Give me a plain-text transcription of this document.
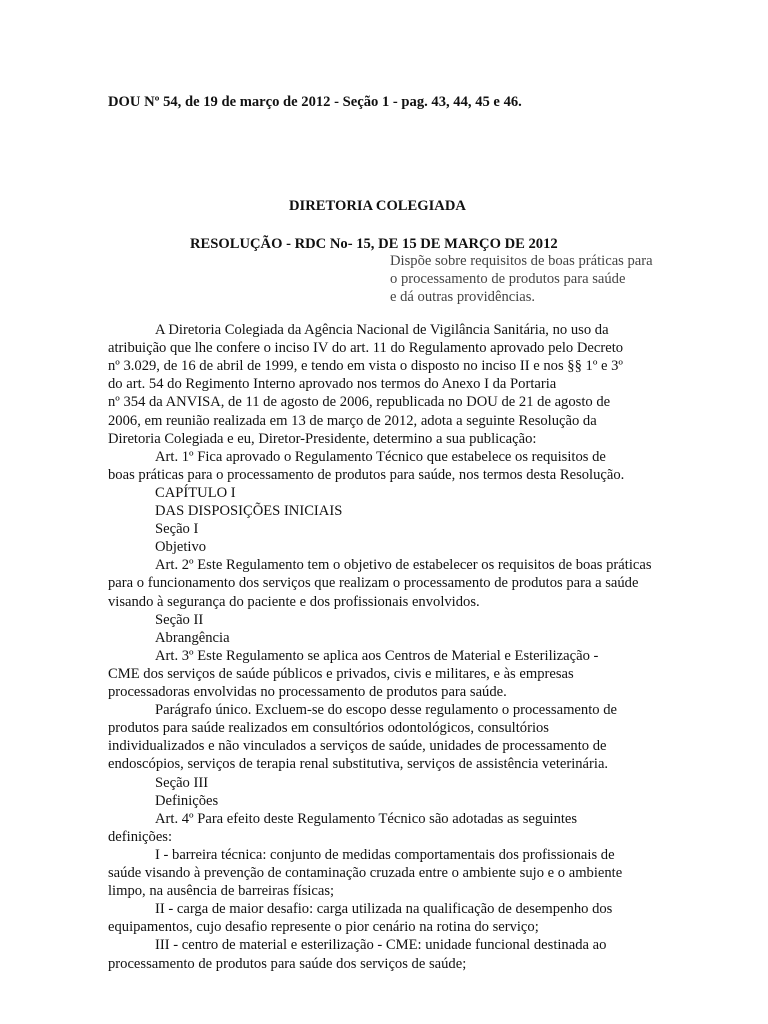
DOU Nº 54, de 19 de março de 2012 - Seção 1 - pag. 43, 44, 45 e 46.
DIRETORIA COLEGIADA
RESOLUÇÃO - RDC No- 15, DE 15 DE MARÇO DE 2012
Dispõe sobre requisitos de boas práticas para
o processamento de produtos para saúde
e dá outras providências.
A Diretoria Colegiada da Agência Nacional de Vigilância Sanitária, no uso da
atribuição que lhe confere o inciso IV do art. 11 do Regulamento aprovado pelo Decreto
nº 3.029, de 16 de abril de 1999, e tendo em vista o disposto no inciso II e nos §§ 1º e 3º
do art. 54 do Regimento Interno aprovado nos termos do Anexo I da Portaria
nº 354 da ANVISA, de 11 de agosto de 2006, republicada no DOU de 21 de agosto de
2006, em reunião realizada em 13 de março de 2012, adota a seguinte Resolução da
Diretoria Colegiada e eu, Diretor-Presidente, determino a sua publicação:
Art. 1º Fica aprovado o Regulamento Técnico que estabelece os requisitos de
boas práticas para o processamento de produtos para saúde, nos termos desta Resolução.
CAPÍTULO I
DAS DISPOSIÇÕES INICIAIS
Seção I
Objetivo
Art. 2º Este Regulamento tem o objetivo de estabelecer os requisitos de boas práticas
para o funcionamento dos serviços que realizam o processamento de produtos para a saúde
visando à segurança do paciente e dos profissionais envolvidos.
Seção II
Abrangência
Art. 3º Este Regulamento se aplica aos Centros de Material e Esterilização -
CME dos serviços de saúde públicos e privados, civis e militares, e às empresas
processadoras envolvidas no processamento de produtos para saúde.
Parágrafo único. Excluem-se do escopo desse regulamento o processamento de
produtos para saúde realizados em consultórios odontológicos, consultórios
individualizados e não vinculados a serviços de saúde, unidades de processamento de
endoscópios, serviços de terapia renal substitutiva, serviços de assistência veterinária.
Seção III
Definições
Art. 4º Para efeito deste Regulamento Técnico são adotadas as seguintes
definições:
I - barreira técnica: conjunto de medidas comportamentais dos profissionais de
saúde visando à prevenção de contaminação cruzada entre o ambiente sujo e o ambiente
limpo, na ausência de barreiras físicas;
II - carga de maior desafio: carga utilizada na qualificação de desempenho dos
equipamentos, cujo desafio represente o pior cenário na rotina do serviço;
III - centro de material e esterilização - CME: unidade funcional destinada ao
processamento de produtos para saúde dos serviços de saúde;
